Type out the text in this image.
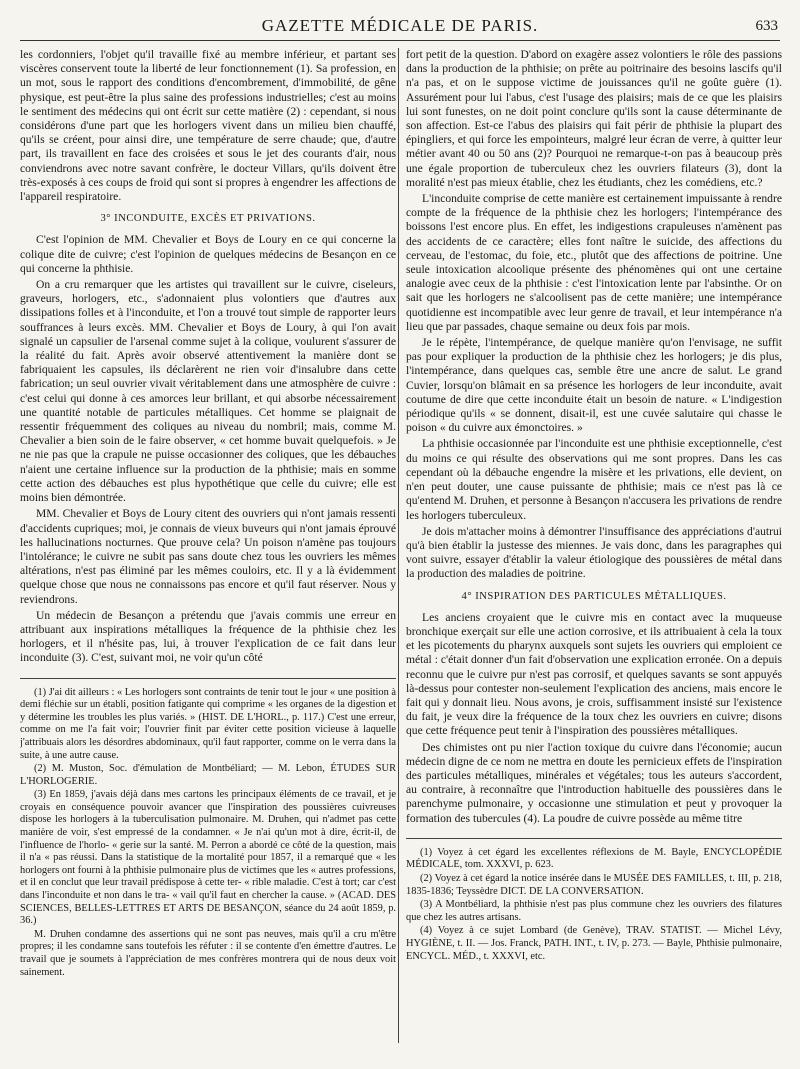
GAZETTE MÉDICALE DE PARIS.	633

les cordonniers, l'objet qu'il travaille fixé au membre inférieur, et partant ses viscères conservent toute la liberté de leur fonctionnement (1). Sa profession, en un mot, sous le rapport des conditions d'encombrement, d'immobilité, de gêne physique, est peut-être la plus saine des professions industrielles; c'est au moins le sentiment des médecins qui ont écrit sur cette matière (2) : cependant, si nous considérons d'une part que les horlogers vivent dans un milieu bien chauffé, qu'ils se créent, pour ainsi dire, une température de serre chaude; que, d'autre part, ils travaillent en face des croisées et sous le jet des courants d'air, nous conviendrons avec notre savant confrère, le docteur Villars, qu'ils doivent être très-exposés à ces coups de froid qui sont si propres à engendrer les affections de l'appareil respiratoire.

3° INCONDUITE, EXCÈS ET PRIVATIONS.

C'est l'opinion de MM. Chevalier et Boys de Loury en ce qui concerne la colique dite de cuivre; c'est l'opinion de quelques médecins de Besançon en ce qui concerne la phthisie.

On a cru remarquer que les artistes qui travaillent sur le cuivre, ciseleurs, graveurs, horlogers, etc., s'adonnaient plus volontiers que d'autres aux dissipations folles et à l'inconduite, et l'on a trouvé tout simple de rapporter leurs souffrances à leurs excès. MM. Chevalier et Boys de Loury, à qui l'on avait signalé un capsulier de l'arsenal comme sujet à la colique, voulurent s'assurer de la réalité du fait. Après avoir observé attentivement la manière dont se fabriquaient les capsules, ils déclarèrent ne rien voir d'insalubre dans cette fabrication; un seul ouvrier vivait véritablement dans une atmosphère de cuivre : c'est celui qui donne à ces amorces leur brillant, et qui absorbe nécessairement une quantité notable de particules métalliques. Cet homme se plaignait de ressentir fréquemment des coliques au niveau du nombril; mais, comme M. Chevalier a bien soin de le faire observer, « cet homme buvait quelquefois. » Je ne nie pas que la crapule ne puisse occasionner des coliques, que les débauches n'aient une certaine influence sur la production de la phthisie; mais en somme cette action des débauches est plus hypothétique que celle du cuivre; elle est moins bien démontrée.

MM. Chevalier et Boys de Loury citent des ouvriers qui n'ont jamais ressenti d'accidents cupriques; moi, je connais de vieux buveurs qui n'ont jamais éprouvé les hallucinations nocturnes. Que prouve cela? Un poison n'amène pas toujours l'intolérance; le cuivre ne subit pas sans doute chez tous les ouvriers les mêmes altérations, n'est pas éliminé par les mêmes couloirs, etc. Il y a là évidemment quelque chose que nous ne connaissons pas encore et qu'il faut réserver. Nous y reviendrons.

Un médecin de Besançon a prétendu que j'avais commis une erreur en attribuant aux inspirations métalliques la fréquence de la phthisie chez les horlogers, et il n'hésite pas, lui, à trouver l'explication de ce fait dans leur inconduite (3). C'est, suivant moi, ne voir qu'un côté

(1) J'ai dit ailleurs : « Les horlogers sont contraints de tenir tout le jour « une position à demi fléchie sur un établi, position fatigante qui comprime « les organes de la digestion et y détermine les troubles les plus variés. » (HIST. DE L'HORL., p. 117.) C'est une erreur, comme on me l'a fait voir; l'ouvrier finit par éviter cette position vicieuse à laquelle j'attribuais alors les désordres abdominaux, qu'il faut rapporter, comme on le verra dans la suite, à une autre cause.

(2) M. Muston, Soc. d'émulation de Montbéliard; — M. Lebon, ÉTUDES SUR L'HORLOGERIE.

(3) En 1859, j'avais déjà dans mes cartons les principaux éléments de ce travail, et je croyais en conséquence pouvoir avancer que l'inspiration des poussières cuivreuses dispose les horlogers à la tuberculisation pulmonaire. M. Druhen, qui n'admet pas cette manière de voir, s'est empressé de la condamner. « Je n'ai qu'un mot à dire, écrit-il, de l'influence de l'horlo- « gerie sur la santé. M. Perron a abordé ce côté de la question, mais il n'a « pas réussi. Dans la statistique de la mortalité pour 1857, il a remarqué que « les horlogers ont fourni à la phthisie pulmonaire plus de victimes que les « autres professions, et il en conclut que leur travail prédispose à cette ter- « rible maladie. C'est à tort; car c'est dans l'inconduite et non dans le tra- « vail qu'il faut en chercher la cause. » (ACAD. DES SCIENCES, BELLES-LETTRES ET ARTS DE BESANÇON, séance du 24 août 1859, p. 36.)

M. Druhen condamne des assertions qui ne sont pas neuves, mais qu'il a cru m'être propres; il les condamne sans toutefois les réfuter : il se contente d'en émettre d'autres. Le travail que je soumets à l'appréciation de mes confrères montrera qui de nous deux voit sainement.

fort petit de la question. D'abord on exagère assez volontiers le rôle des passions dans la production de la phthisie; on prête au poitrinaire des besoins lascifs qu'il n'a pas, et on le suppose victime de jouissances qu'il ne goûte guère (1). Assurément pour lui l'abus, c'est l'usage des plaisirs; mais de ce que les plaisirs lui sont funestes, on ne doit point conclure qu'ils sont la cause déterminante de son affection. Est-ce l'abus des plaisirs qui fait périr de phthisie la plupart des épingliers, et qui force les empointeurs, malgré leur écran de verre, à quitter leur métier avant 40 ou 50 ans (2)? Pourquoi ne remarque-t-on pas à beaucoup près une égale proportion de tuberculeux chez les ouvriers filateurs (3), dont la moralité n'est pas mieux établie, chez les étudiants, chez les comédiens, etc.?

L'inconduite comprise de cette manière est certainement impuissante à rendre compte de la fréquence de la phthisie chez les horlogers; l'intempérance des boissons l'est encore plus. En effet, les indigestions crapuleuses n'amènent pas des accidents de ce caractère; elles font naître le suicide, des affections du cerveau, de l'estomac, du foie, etc., plutôt que des affections de poitrine. Une seule intoxication alcoolique présente des phénomènes qui ont une certaine analogie avec ceux de la phthisie : c'est l'intoxication lente par l'absinthe. Or on sait que les horlogers ne s'alcoolisent pas de cette manière; une intempérance quotidienne est incompatible avec leur genre de travail, et leur intempérance n'a lieu que par passades, chaque semaine ou deux fois par mois.

Je le répète, l'intempérance, de quelque manière qu'on l'envisage, ne suffit pas pour expliquer la production de la phthisie chez les horlogers; je dis plus, l'intempérance, dans quelques cas, semble être une ancre de salut. Le grand Cuvier, lorsqu'on blâmait en sa présence les horlogers de leur inconduite, avait coutume de dire que cette inconduite était un besoin de nature. « L'indigestion périodique qu'ils « se donnent, disait-il, est une cuvée salutaire qui chasse le poison « du cuivre aux émonctoires. »

La phthisie occasionnée par l'inconduite est une phthisie exceptionnelle, c'est du moins ce qui résulte des observations qui me sont propres. Dans les cas cependant où la débauche engendre la misère et les privations, elle devient, on n'en peut douter, une cause puissante de phthisie; mais ce n'est pas là ce qu'entend M. Druhen, et personne à Besançon n'accusera les privations de rendre les horlogers tuberculeux.

Je dois m'attacher moins à démontrer l'insuffisance des appréciations d'autrui qu'à bien établir la justesse des miennes. Je vais donc, dans les paragraphes qui vont suivre, essayer d'établir la valeur étiologique des poussières de métal dans la production des maladies de poitrine.

4° INSPIRATION DES PARTICULES MÉTALLIQUES.

Les anciens croyaient que le cuivre mis en contact avec la muqueuse bronchique exerçait sur elle une action corrosive, et ils attribuaient à cela la toux et les picotements du pharynx auxquels sont sujets les ouvriers qui emploient ce métal : c'était donner d'un fait d'observation une explication erronée. On a depuis reconnu que le cuivre pur n'est pas corrosif, et quelques savants se sont appuyés là-dessus pour contester non-seulement l'explication des anciens, mais encore le fait qui y donnait lieu. Nous avons, je crois, suffisamment insisté sur l'existence du fait, je veux dire la fréquence de la toux chez les ouvriers en cuivre; disons que cette fréquence peut tenir à l'inspiration des poussières métalliques.

Des chimistes ont pu nier l'action toxique du cuivre dans l'économie; aucun médecin digne de ce nom ne mettra en doute les pernicieux effets de l'inspiration des particules métalliques, minérales et végétales; tous les auteurs s'accordent, au contraire, à reconnaître que l'introduction habituelle des poussières dans le parenchyme pulmonaire, y occasionne une stimulation et peut y provoquer la formation des tubercules (4). La poudre de cuivre possède au même titre

(1) Voyez à cet égard les excellentes réflexions de M. Bayle, ENCYCLOPÉDIE MÉDICALE, tom. XXXVI, p. 623.

(2) Voyez à cet égard la notice insérée dans le MUSÉE DES FAMILLES, t. III, p. 218, 1835-1836; Teyssèdre DICT. DE LA CONVERSATION.

(3) A Montbéliard, la phthisie n'est pas plus commune chez les ouvriers des filatures que chez les autres artisans.

(4) Voyez à ce sujet Lombard (de Genève), TRAV. STATIST. — Michel Lévy, HYGIÈNE, t. II. — Jos. Franck, PATH. INT., t. IV, p. 273. — Bayle, Phthisie pulmonaire, ENCYCL. MÉD., t. XXXVI, etc.
